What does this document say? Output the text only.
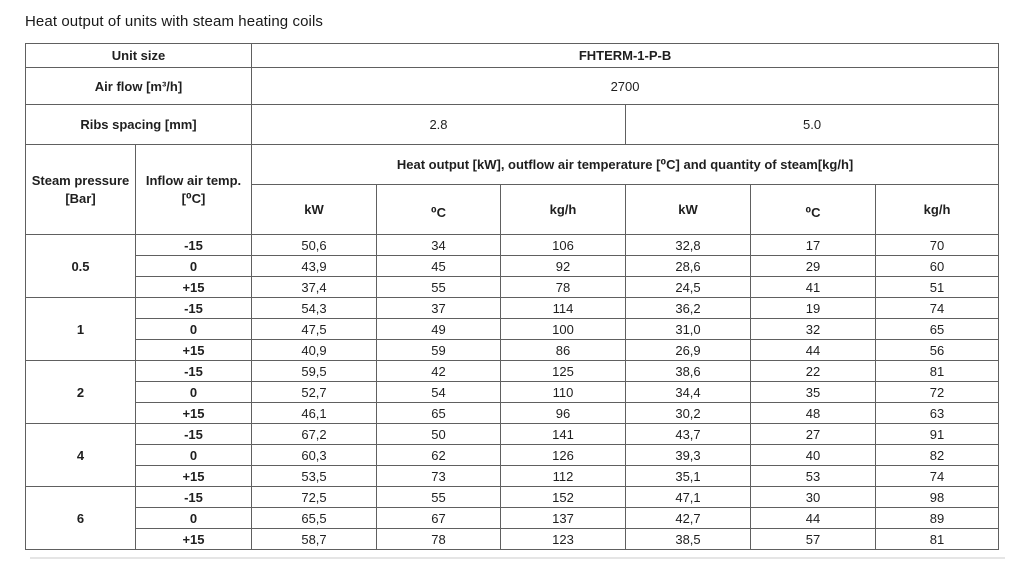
Heat output of units with steam heating coils
Unit size		FHTERM-1-P-B					
Air flow [m³/h]		2700					
Ribs spacing [mm]		2.8			5.0		
Steam pressure [Bar]	Inflow air temp. [⁰C]	Heat output [kW], outflow air temperature [⁰C] and quantity of steam[kg/h]					
		kW	⁰C	kg/h	kW	⁰C	kg/h
0.5	-15	50,6	34	106	32,8	17	70
	0	43,9	45	92	28,6	29	60
	+15	37,4	55	78	24,5	41	51
1	-15	54,3	37	114	36,2	19	74
	0	47,5	49	100	31,0	32	65
	+15	40,9	59	86	26,9	44	56
2	-15	59,5	42	125	38,6	22	81
	0	52,7	54	110	34,4	35	72
	+15	46,1	65	96	30,2	48	63
4	-15	67,2	50	141	43,7	27	91
	0	60,3	62	126	39,3	40	82
	+15	53,5	73	112	35,1	53	74
6	-15	72,5	55	152	47,1	30	98
	0	65,5	67	137	42,7	44	89
	+15	58,7	78	123	38,5	57	81
